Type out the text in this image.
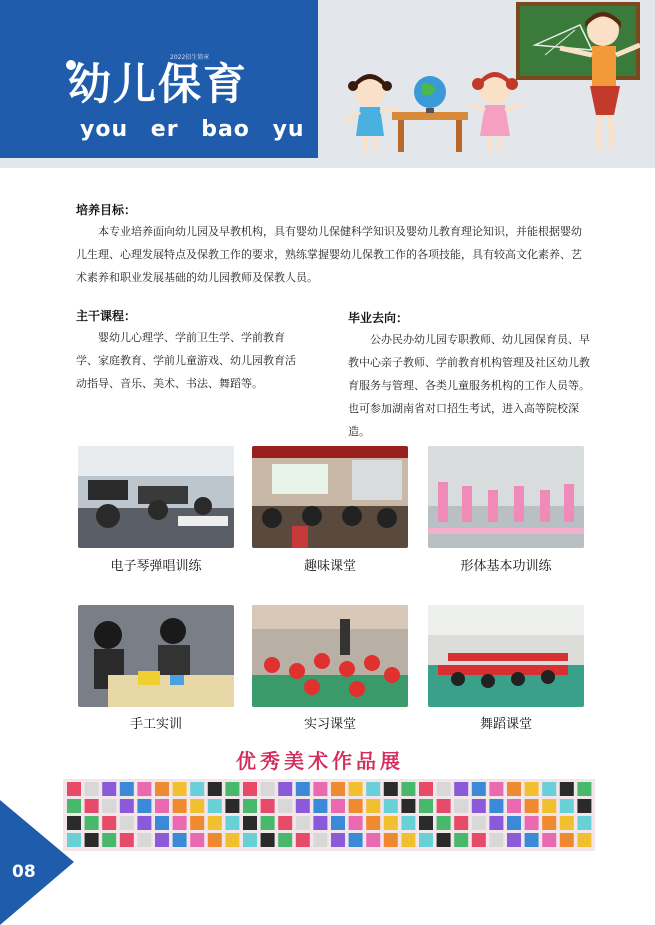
2022招生简章
幼儿保育
you er bao yu
培养目标：

本专业培养面向幼儿园及早教机构，具有婴幼儿保健科学知识及婴幼儿教育理论知识，并能根据婴幼儿生理、心理发展特点及保教工作的要求，熟练掌握婴幼儿保教工作的各项技能，具有较高文化素养、艺术素养和职业发展基础的幼儿园教师及保教人员。

主干课程：

婴幼儿心理学、学前卫生学、学前教育学、家庭教育、学前儿童游戏、幼儿园教育活动指导、音乐、美术、书法、舞蹈等。

毕业去向：

公办民办幼儿园专职教师、幼儿园保育员、早教中心亲子教师、学前教育机构管理及社区幼儿教育服务与管理、各类儿童服务机构的工作人员等。也可参加湖南省对口招生考试，进入高等院校深造。

电子琴弹唱训练	趣味课堂	形体基本功训练
手工实训	实习课堂	舞蹈课堂
优秀美术作品展
08
